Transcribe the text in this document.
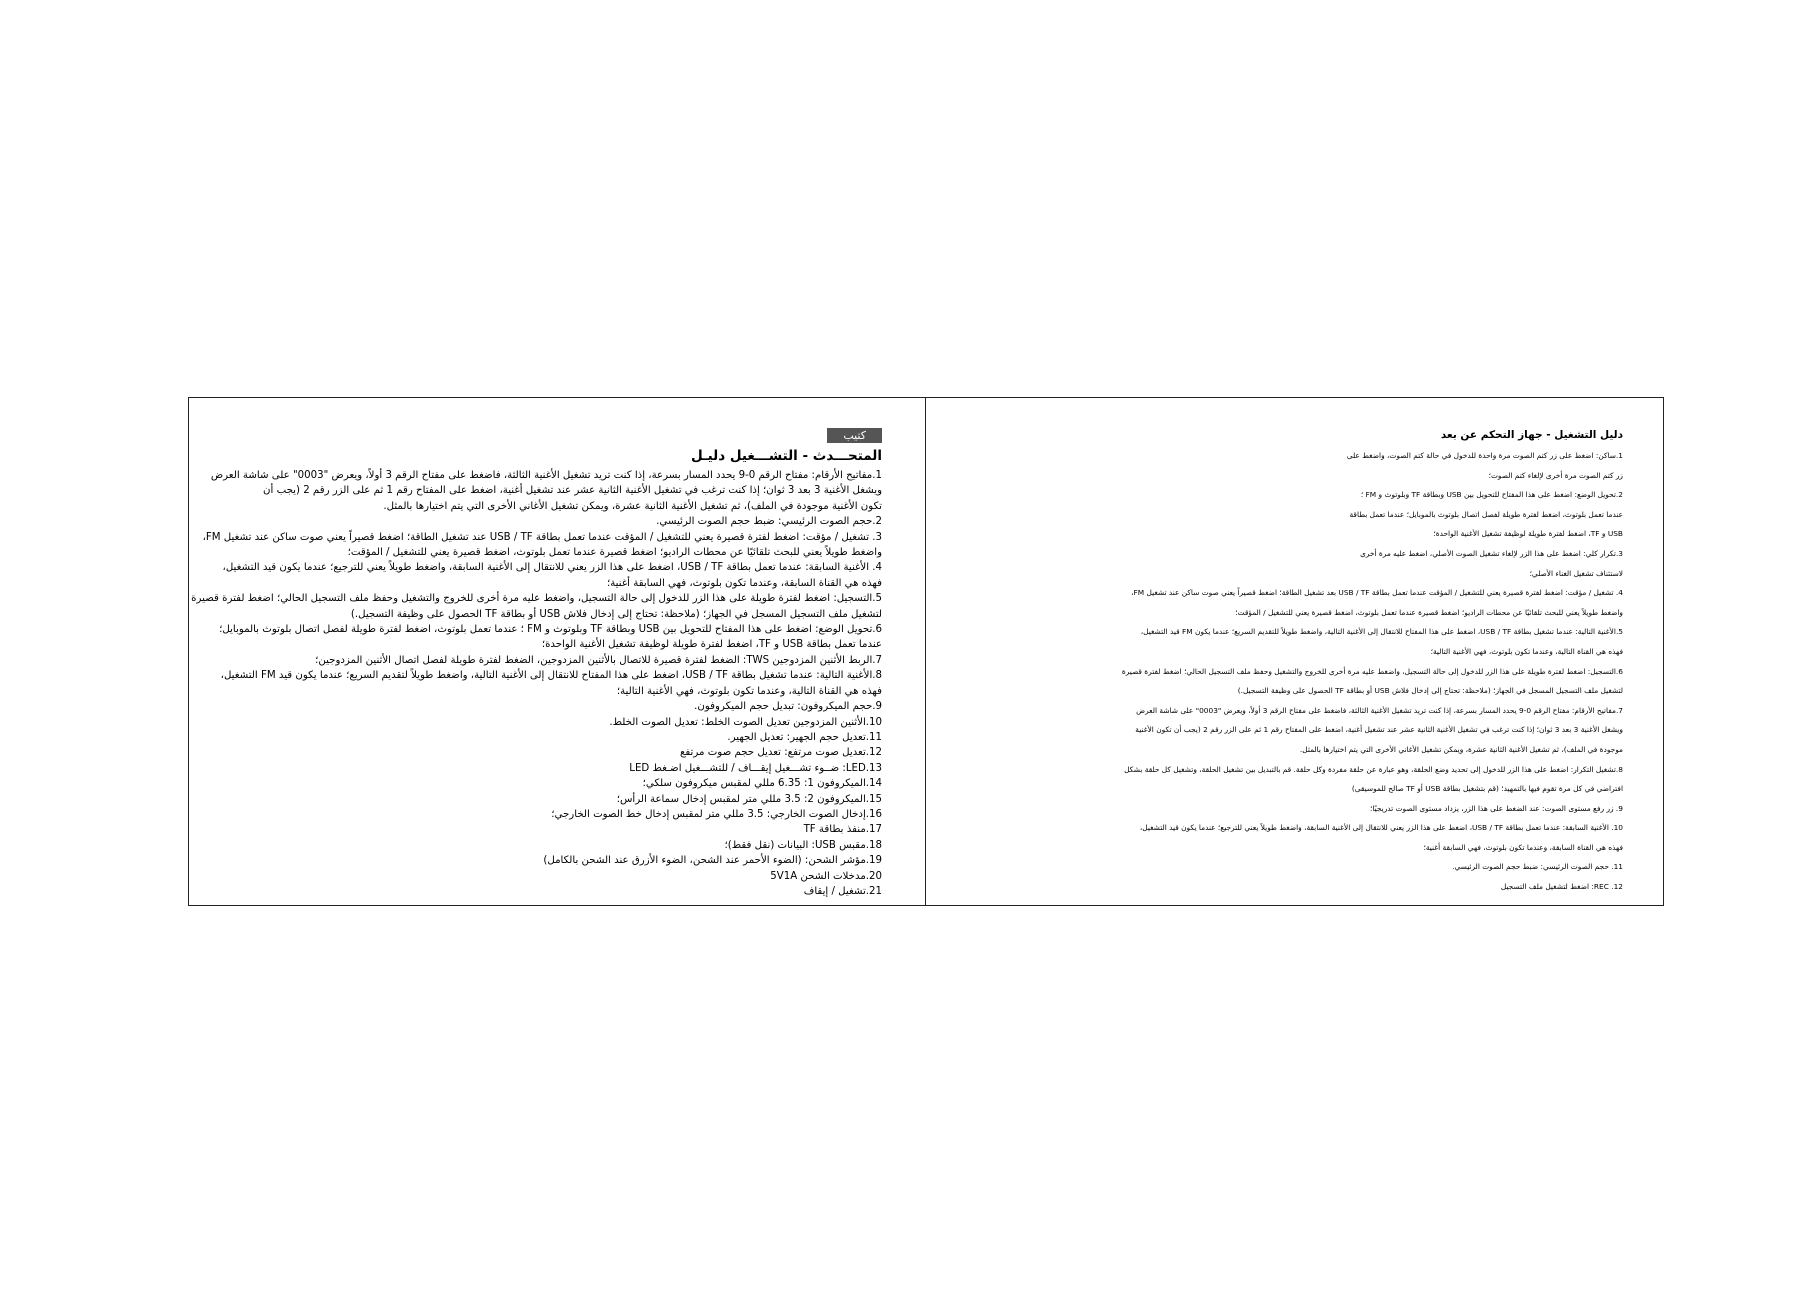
كتيب
المتحـــدث - التشـــغيل دليـل
1.مفاتيح الأرقام: مفتاح الرقم 0-9 يحدد المسار بسرعة، إذا كنت تريد تشغيل الأغنية الثالثة، فاضغط على مفتاح الرقم 3 أولاً، ويعرض "0003" على شاشة العرض
ويشغل الأغنية 3 بعد 3 ثوان؛ إذا كنت ترغب في تشغيل الأغنية الثانية عشر عند تشغيل أغنية، اضغط على المفتاح رقم 1 ثم على الزر رقم 2 (يجب أن
تكون الأغنية موجودة في الملف)، ثم تشغيل الأغنية الثانية عشرة، ويمكن تشغيل الأغاني الأخرى التي يتم اختيارها بالمثل.
2.حجم الصوت الرئيسي: ضبط حجم الصوت الرئيسي.
3. تشغيل / مؤقت: اضغط لفترة قصيرة يعني للتشغيل / المؤقت عندما تعمل بطاقة USB / TF عند تشغيل الطاقة؛ اضغط قصيراً يعني صوت ساكن عند تشغيل FM،
واضغط طويلاً يعني للبحث تلقائيًا عن محطات الراديو؛ اضغط قصيرة عندما تعمل بلوتوث، اضغط قصيرة يعني للتشغيل / المؤقت؛
4. الأغنية السابقة: عندما تعمل بطاقة USB / TF، اضغط على هذا الزر يعني للانتقال إلى الأغنية السابقة، واضغط طويلاً يعني للترجيع؛ عندما يكون قيد التشغيل،
فهذه هي القناة السابقة، وعندما تكون بلوتوث، فهي السابقة أغنية؛
5.التسجيل: اضغط لفترة طويلة على هذا الزر للدخول إلى حالة التسجيل، واضغط عليه مرة أخرى للخروج والتشغيل وحفظ ملف التسجيل الحالي؛ اضغط لفترة قصيرة
لتشغيل ملف التسجيل المسجل في الجهاز؛ (ملاحظة: تحتاج إلى إدخال فلاش USB أو بطاقة TF الحصول على وظيفة التسجيل.)
6.تحويل الوضع: اضغط على هذا المفتاح للتحويل بين USB وبطاقة TF وبلوتوث و FM ؛ عندما تعمل بلوتوث، اضغط لفترة طويلة لفصل اتصال بلوتوث بالموبايل؛
عندما تعمل بطاقة USB و TF، اضغط لفترة طويلة لوظيفة تشغيل الأغنية الواحدة؛
7.الربط الأثنين المزدوجين TWS: الضغط لفترة قصيرة للاتصال بالأثنين المزدوجين، الضغط لفترة طويلة لفصل اتصال الأثنين المزدوجين؛
8.الأغنية التالية: عندما تشغيل بطاقة USB / TF، اضغط على هذا المفتاح للانتقال إلى الأغنية التالية، واضغط طويلاً لتقديم السريع؛ عندما يكون قيد FM التشغيل،
فهذه هي القناة التالية، وعندما تكون بلوتوث، فهي الأغنية التالية؛
9.حجم الميكروفون: تبديل حجم الميكروفون.
10.الأثنين المزدوجين تعديل الصوت الخلط: تعديل الصوت الخلط.
11.تعديل حجم الجهير: تعديل الجهير.
12.تعديل صوت مرتفع: تعديل حجم صوت مرتفع
LED.13: ضــوء تشـــغيل إيقـــاف / للتشـــغيل اضـغط LED
14.الميكروفون 1: 6.35 مللي لمقبس ميكروفون سلكي؛
15.الميكروفون 2: 3.5 مللي متر لمقبس إدخال سماعة الرأس؛
16.إدخال الصوت الخارجي: 3.5 مللي متر لمقبس إدخال خط الصوت الخارجي؛
17.منفذ بطاقة TF
18.مقبس USB: البيانات (نقل فقط)؛
19.مؤشر الشحن: (الضوء الأحمر عند الشحن، الضوء الأزرق عند الشحن بالكامل)
20.مدخلات الشحن 5V1A
21.تشغيل / إيقاف
دليل التشغيل - جهاز التحكم عن بعد
1.ساكن: اضغط على زر كتم الصوت مرة واحدة للدخول في حالة كتم الصوت، واضغط على
زر كتم الصوت مرة أخرى لإلغاء كتم الصوت؛
2.تحويل الوضع: اضغط على هذا المفتاح للتحويل بين USB وبطاقة TF وبلوتوث و FM ؛
عندما تعمل بلوتوث، اضغط لفترة طويلة لفصل اتصال بلوتوث بالموبايل؛ عندما تعمل بطاقة
USB و TF، اضغط لفترة طويلة لوظيفة تشغيل الأغنية الواحدة؛
3.تكرار كلي: اضغط على هذا الزر لإلغاء تشغيل الصوت الأصلي، اضغط عليه مرة أخرى
لاستئناف تشغيل الغناء الأصلي؛
4. تشغيل / مؤقت: اضغط لفترة قصيرة يعني للتشغيل / المؤقت عندما تعمل بطاقة USB / TF بعد تشغيل الطاقة؛ اضغط قصيراً يعني صوت ساكن عند تشغيل FM،
واضغط طويلاً يعني للبحث تلقائيًا عن محطات الراديو؛ اضغط قصيرة عندما تعمل بلوتوث، اضغط قصيرة يعني للتشغيل / المؤقت؛
5.الأغنية التالية: عندما تشغيل بطاقة USB / TF، اضغط على هذا المفتاح للانتقال إلى الأغنية التالية، واضغط طويلاً للتقديم السريع؛ عندما يكون FM قيد التشغيل،
فهذه هي القناة التالية، وعندما تكون بلوتوث، فهي الأغنية التالية؛
6.التسجيل: اضغط لفترة طويلة على هذا الزر للدخول إلى حالة التسجيل، واضغط عليه مرة أخرى للخروج والتشغيل وحفظ ملف التسجيل الحالي؛ اضغط لفترة قصيرة
لتشغيل ملف التسجيل المسجل في الجهاز؛ (ملاحظة: تحتاج إلى إدخال فلاش USB أو بطاقة TF الحصول على وظيفة التسجيل.)
7.مفاتيح الأرقام: مفتاح الرقم 0-9 يحدد المسار بسرعة، إذا كنت تريد تشغيل الأغنية الثالثة، فاضغط على مفتاح الرقم 3 أولاً، ويعرض "0003" على شاشة العرض
ويشغل الأغنية 3 بعد 3 ثوان؛ إذا كنت ترغب في تشغيل الأغنية الثانية عشر عند تشغيل أغنية، اضغط على المفتاح رقم 1 ثم على الزر رقم 2 (يجب أن تكون الأغنية
موجودة في الملف)، ثم تشغيل الأغنية الثانية عشرة، ويمكن تشغيل الأغاني الأخرى التي يتم اختيارها بالمثل.
8.تشغيل التكرار: اضغط على هذا الزر للدخول إلى تحديد وضع الحلقة، وهو عبارة عن حلقة مفردة وكل حلقة. قم بالتبديل بين تشغيل الحلقة، وتشغيل كل حلقة بشكل
افتراضي في كل مرة تقوم فيها بالتمهيد؛ (قم بتشغيل بطاقة USB أو TF صالح للموسيقى)
9. زر رفع مستوى الصوت: عند الضغط على هذا الزر، يزداد مستوى الصوت تدريجيًا؛
10. الأغنية السابقة: عندما تعمل بطاقة USB / TF، اضغط على هذا الزر يعني للانتقال إلى الأغنية السابقة، واضغط طويلاً يعني للترجيع؛ عندما يكون قيد التشغيل،
فهذه هي القناة السابقة، وعندما تكون بلوتوث، فهي السابقة أغنية؛
11. حجم الصوت الرئيسي: ضبط حجم الصوت الرئيسي.
12. REC: اضغط لتشغيل ملف التسجيل
